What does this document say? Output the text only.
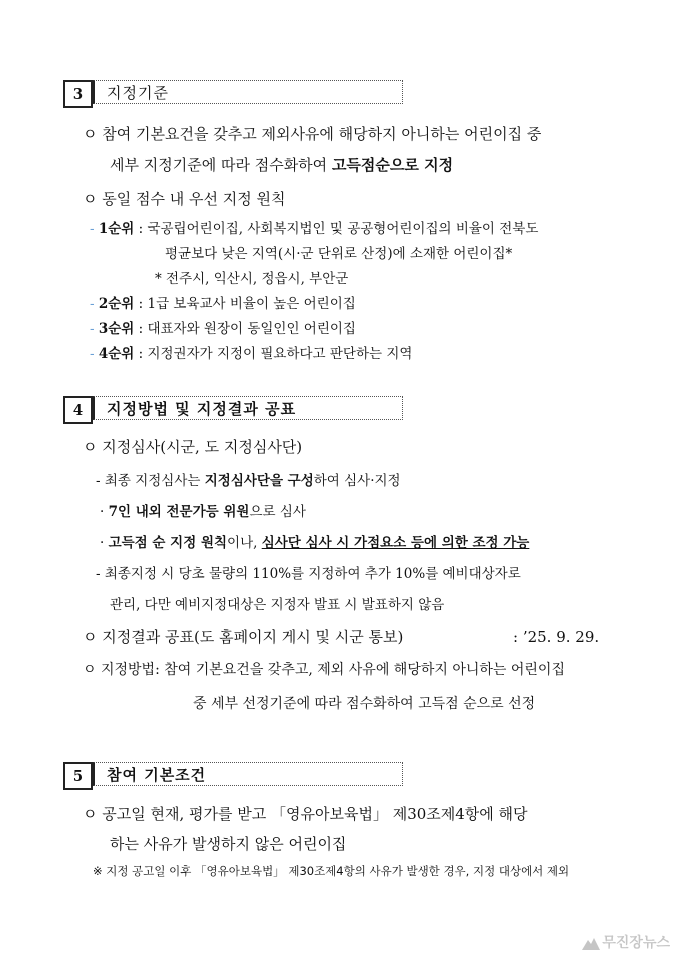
3	지정기준
ㅇ 참여 기본요건을 갖추고 제외사유에 해당하지 아니하는 어린이집 중
세부 지정기준에 따라 점수화하여 고득점순으로 지정
ㅇ 동일 점수 내 우선 지정 원칙
- 1순위 : 국공립어린이집, 사회복지법인 및 공공형어린이집의 비율이 전북도
평균보다 낮은 지역(시·군 단위로 산정)에 소재한 어린이집*
* 전주시, 익산시, 정읍시, 부안군
- 2순위 : 1급 보육교사 비율이 높은 어린이집
- 3순위 : 대표자와 원장이 동일인인 어린이집
- 4순위 : 지정권자가 지정이 필요하다고 판단하는 지역
4	지정방법 및 지정결과 공표
ㅇ 지정심사(시군, 도 지정심사단)
- 최종 지정심사는 지정심사단을 구성하여 심사·지정
· 7인 내외 전문가등 위원으로 심사
· 고득점 순 지정 원칙이나, 심사단 심사 시 가점요소 등에 의한 조정 가능
- 최종지정 시 당초 물량의 110%를 지정하여 추가 10%를 예비대상자로
관리, 다만 예비지정대상은 지정자 발표 시 발표하지 않음
ㅇ 지정결과 공표(도 홈페이지 게시 및 시군 통보)	: ’25. 9. 29.
ㅇ 지정방법: 참여 기본요건을 갖추고, 제외 사유에 해당하지 아니하는 어린이집
중 세부 선정기준에 따라 점수화하여 고득점 순으로 선정
5	참여 기본조건
ㅇ 공고일 현재, 평가를 받고 「영유아보육법」 제30조제4항에 해당
하는 사유가 발생하지 않은 어린이집
※ 지정 공고일 이후 「영유아보육법」 제30조제4항의 사유가 발생한 경우, 지정 대상에서 제외
무진장뉴스
